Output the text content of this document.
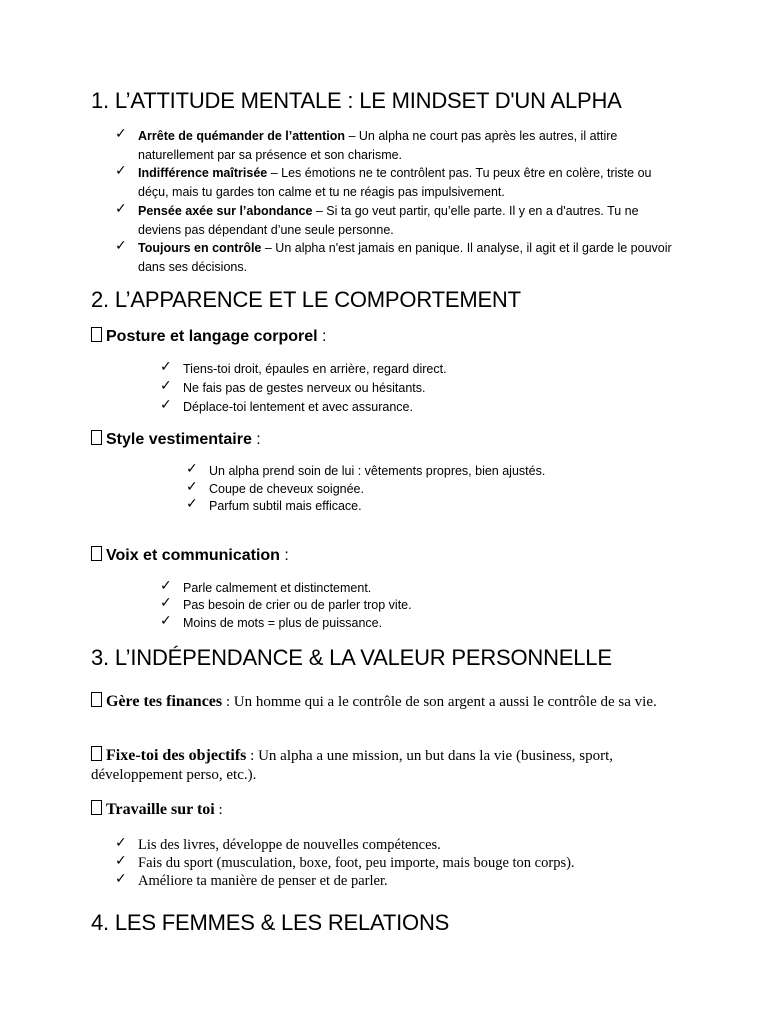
1. L’ATTITUDE MENTALE : LE MINDSET D'UN ALPHA
✓ Arrête de quémander de l’attention – Un alpha ne court pas après les autres, il attire naturellement par sa présence et son charisme.
✓ Indifférence maîtrisée – Les émotions ne te contrôlent pas. Tu peux être en colère, triste ou déçu, mais tu gardes ton calme et tu ne réagis pas impulsivement.
✓ Pensée axée sur l’abondance – Si ta go veut partir, qu’elle parte. Il y en a d'autres. Tu ne deviens pas dépendant d’une seule personne.
✓ Toujours en contrôle – Un alpha n'est jamais en panique. Il analyse, il agit et il garde le pouvoir dans ses décisions.
2. L’APPARENCE ET LE COMPORTEMENT

Posture et langage corporel :

✓ Tiens-toi droit, épaules en arrière, regard direct.
✓ Ne fais pas de gestes nerveux ou hésitants.
✓ Déplace-toi lentement et avec assurance.

Style vestimentaire :

✓ Un alpha prend soin de lui : vêtements propres, bien ajustés.
✓ Coupe de cheveux soignée.
✓ Parfum subtil mais efficace.

Voix et communication :

✓ Parle calmement et distinctement.
✓ Pas besoin de crier ou de parler trop vite.
✓ Moins de mots = plus de puissance.
3. L’INDÉPENDANCE & LA VALEUR PERSONNELLE

Gère tes finances : Un homme qui a le contrôle de son argent a aussi le contrôle de sa vie.

Fixe-toi des objectifs : Un alpha a une mission, un but dans la vie (business, sport, développement perso, etc.).

Travaille sur toi :

✓ Lis des livres, développe de nouvelles compétences.
✓ Fais du sport (musculation, boxe, foot, peu importe, mais bouge ton corps).
✓ Améliore ta manière de penser et de parler.
4. LES FEMMES & LES RELATIONS
